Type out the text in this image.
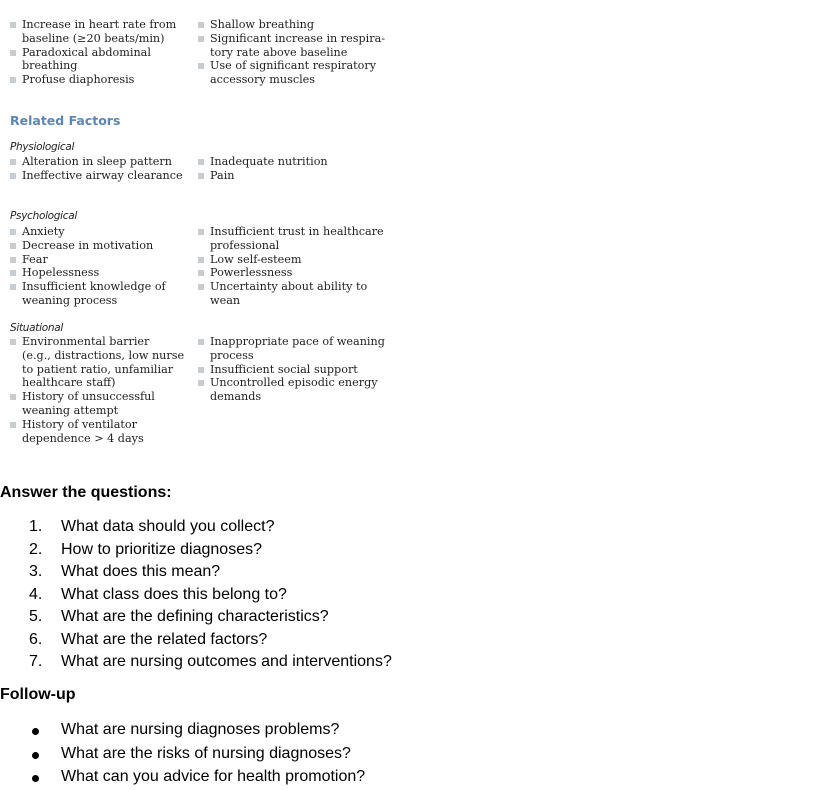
Increase in heart rate from
baseline (≥20 beats/min)
Paradoxical abdominal
breathing
Profuse diaphoresis
Shallow breathing
Significant increase in respira-
tory rate above baseline
Use of significant respiratory
accessory muscles
Related Factors
Physiological
Alteration in sleep pattern
Ineffective airway clearance
Inadequate nutrition
Pain
Psychological
Anxiety
Decrease in motivation
Fear
Hopelessness
Insufficient knowledge of
weaning process
Insufficient trust in healthcare
professional
Low self-esteem
Powerlessness
Uncertainty about ability to
wean
Situational
Environmental barrier
(e.g., distractions, low nurse
to patient ratio, unfamiliar
healthcare staff)
History of unsuccessful
weaning attempt
History of ventilator
dependence > 4 days
Inappropriate pace of weaning
process
Insufficient social support
Uncontrolled episodic energy
demands
Answer the questions:
1. What data should you collect?
2. How to prioritize diagnoses?
3. What does this mean?
4. What class does this belong to?
5. What are the defining characteristics?
6. What are the related factors?
7. What are nursing outcomes and interventions?
Follow-up
What are nursing diagnoses problems?
What are the risks of nursing diagnoses?
What can you advice for health promotion?
